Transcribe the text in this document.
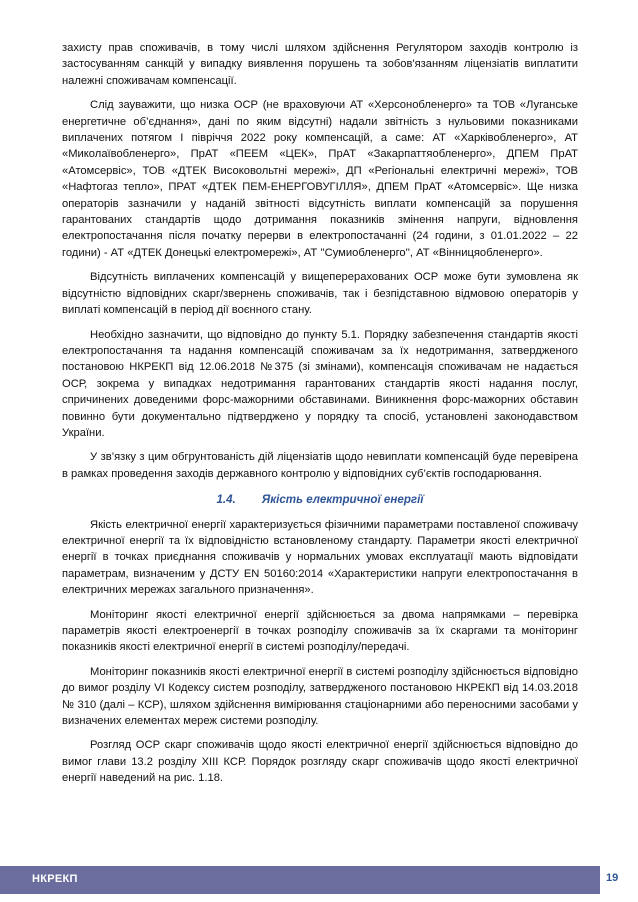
захисту прав споживачів, в тому числі шляхом здійснення Регулятором заходів контролю із застосуванням санкцій у випадку виявлення порушень та зобов'язанням ліцензіатів виплатити належні споживачам компенсації.

Слід зауважити, що низка ОСР (не враховуючи АТ «Херсонобленерго» та ТОВ «Луганське енергетичне об’єднання», дані по яким відсутні) надали звітність з нульовими показниками виплачених потягом І півріччя 2022 року компенсацій, а саме: АТ «Харківобленерго», АТ «Миколаївобленерго», ПрАТ «ПЕЕМ «ЦЕК», ПрАТ «Закарпаттяобленерго», ДПЕМ ПрАТ «Атомсервіс», ТОВ «ДТЕК Високовольтні мережі», ДП «Регіональні електричні мережі», ТОВ «Нафтогаз тепло», ПРАТ «ДТЕК ПЕМ-ЕНЕРГОВУГІЛЛЯ», ДПЕМ ПрАТ «Атомсервіс». Ще низка операторів зазначили у наданій звітності відсутність виплати компенсацій за порушення гарантованих стандартів щодо дотримання показників змінення напруги, відновлення електропостачання після початку перерви в електропостачанні (24 години, з 01.01.2022 – 22 години) - АТ «ДТЕК Донецькі електромережі», АТ ''Сумиобленерго'', АТ «Вінницяобленерго».

Відсутність виплачених компенсацій у вищеперерахованих ОСР може бути зумовлена як відсутністю відповідних скарг/звернень споживачів, так і безпідставною відмовою операторів у виплаті компенсацій в період дії воєнного стану.

Необхідно зазначити, що відповідно до пункту 5.1. Порядку забезпечення стандартів якості електропостачання та надання компенсацій споживачам за їх недотримання, затвердженого постановою НКРЕКП від 12.06.2018 №375 (зі змінами), компенсація споживачам не надається ОСР, зокрема у випадках недотримання гарантованих стандартів якості надання послуг, спричинених доведеними форс-мажорними обставинами. Виникнення форс-мажорних обставин повинно бути документально підтверджено у порядку та спосіб, установлені законодавством України.

У зв’язку з цим обгрунтованість дій ліцензіатів щодо невиплати компенсацій буде перевірена в рамках проведення заходів державного контролю у відповідних суб’єктів господарювання.

1.4. Якість електричної енергії

Якість електричної енергії характеризується фізичними параметрами поставленої споживачу електричної енергії та їх відповідністю встановленому стандарту. Параметри якості електричної енергії в точках приєднання споживачів у нормальних умовах експлуатації мають відповідати параметрам, визначеним у ДСТУ EN 50160:2014 «Характеристики напруги електропостачання в електричних мережах загального призначення».

Моніторинг якості електричної енергії здійснюється за двома напрямками – перевірка параметрів якості електроенергії в точках розподілу споживачів за їх скаргами та моніторинг показників якості електричної енергії в системі розподілу/передачі.

Моніторинг показників якості електричної енергії в системі розподілу здійснюється відповідно до вимог розділу VI Кодексу систем розподілу, затвердженого постановою НКРЕКП від 14.03.2018 № 310 (далі – КСР), шляхом здійснення вимірювання стаціонарними або переносними засобами у визначених елементах мереж системи розподілу.

Розгляд ОСР скарг споживачів щодо якості електричної енергії здійснюється відповідно до вимог глави 13.2 розділу XIII КСР. Порядок розгляду скарг споживачів щодо якості електричної енергії наведений на рис. 1.18.

НКРЕКП	19
